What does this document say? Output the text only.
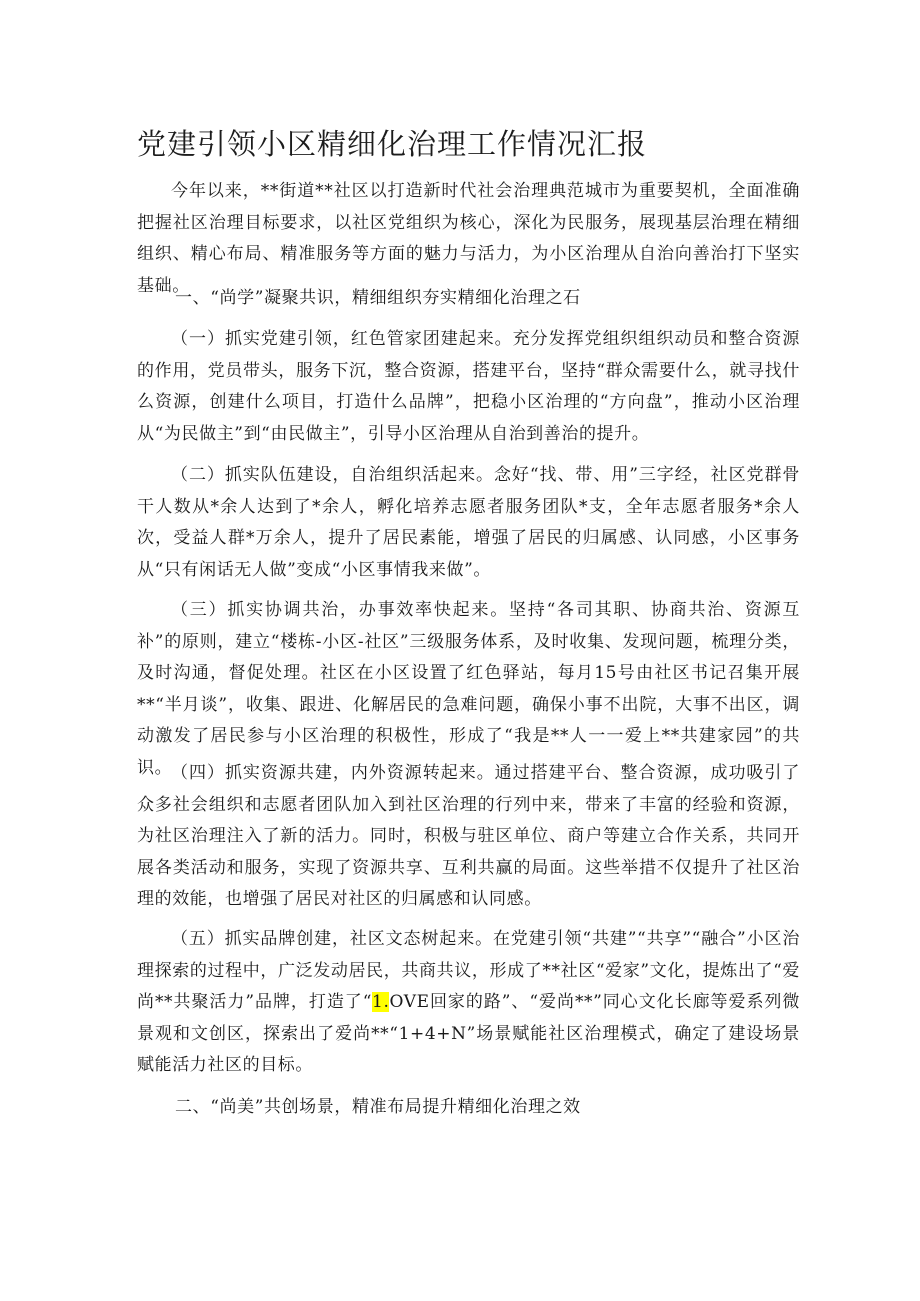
党建引领小区精细化治理工作情况汇报

今年以来，**街道**社区以打造新时代社会治理典范城市为重要契机，全面准确把握社区治理目标要求，以社区党组织为核心，深化为民服务，展现基层治理在精细组织、精心布局、精准服务等方面的魅力与活力，为小区治理从自治向善治打下坚实基础。

一、“尚学”凝聚共识，精细组织夯实精细化治理之石

（一）抓实党建引领，红色管家团建起来。充分发挥党组织组织动员和整合资源的作用，党员带头，服务下沉，整合资源，搭建平台，坚持“群众需要什么，就寻找什么资源，创建什么项目，打造什么品牌”，把稳小区治理的“方向盘”，推动小区治理从“为民做主”到“由民做主”，引导小区治理从自治到善治的提升。

（二）抓实队伍建设，自治组织活起来。念好“找、带、用”三字经，社区党群骨干人数从*余人达到了*余人，孵化培养志愿者服务团队*支，全年志愿者服务*余人次，受益人群*万余人，提升了居民素能，增强了居民的归属感、认同感，小区事务从“只有闲话无人做”变成“小区事情我来做”。

（三）抓实协调共治，办事效率快起来。坚持“各司其职、协商共治、资源互补”的原则，建立“楼栋-小区-社区”三级服务体系，及时收集、发现问题，梳理分类，及时沟通，督促处理。社区在小区设置了红色驿站，每月15号由社区书记召集开展**“半月谈”，收集、跟进、化解居民的急难问题，确保小事不出院，大事不出区，调动激发了居民参与小区治理的积极性，形成了“我是**人一一爱上**共建家园”的共识。

（四）抓实资源共建，内外资源转起来。通过搭建平台、整合资源，成功吸引了众多社会组织和志愿者团队加入到社区治理的行列中来，带来了丰富的经验和资源，为社区治理注入了新的活力。同时，积极与驻区单位、商户等建立合作关系，共同开展各类活动和服务，实现了资源共享、互利共赢的局面。这些举措不仅提升了社区治理的效能，也增强了居民对社区的归属感和认同感。

（五）抓实品牌创建，社区文态树起来。在党建引领“共建”“共享”“融合”小区治理探索的过程中，广泛发动居民，共商共议，形成了**社区“爱家”文化，提炼出了“爱尚**共聚活力”品牌，打造了“1.OVE回家的路”、“爱尚**”同心文化长廊等爱系列微景观和文创区，探索出了爱尚**“1+4+N”场景赋能社区治理模式，确定了建设场景赋能活力社区的目标。

二、“尚美”共创场景，精准布局提升精细化治理之效
